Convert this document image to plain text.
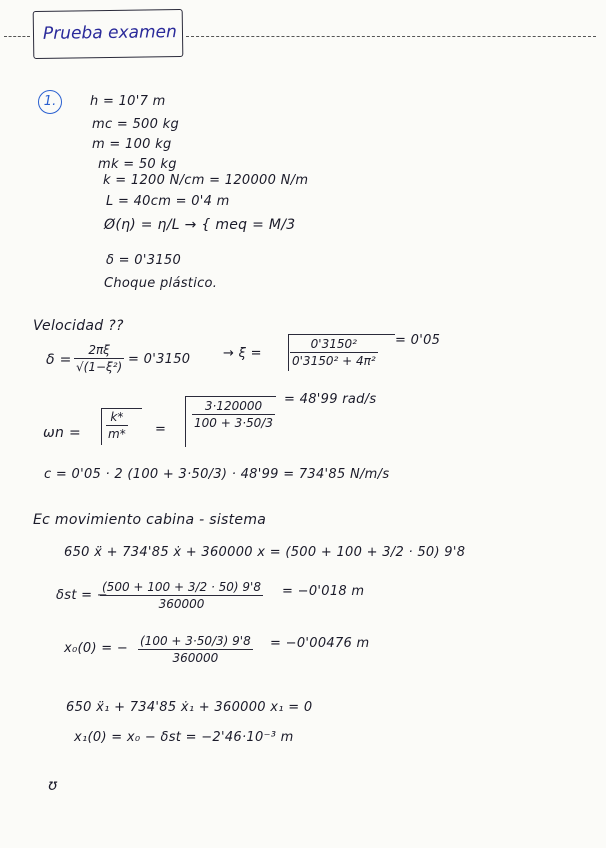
Prueba examen
1.	h = 10'7 m
mc = 500 kg
m = 100 kg
mk = 50 kg
k = 1200 N/cm = 120000 N/m
L = 40cm = 0'4 m
Ø(η) = η/L → { meq = M/3
δ = 0'3150
Choque plástico.
Velocidad ??
$\delta = \frac{2\pi\xi}{\text{√(1−ξ²)}} = 0'3150$	→ $\xi = \frac{\text{0'3150²}}{\text{0'3150² + 4π²}} = 0'05$
$\omega n = \frac{k*}{m*} = \frac{3\cdot 120000}{100 + 3\cdot 50/3} = 48'99$ rad/s
c = 0'05 · 2 (100 + 3·50/3) · 48'99 = 734'85 N/m/s
Ec movimiento cabina - sistema
650 ẍ + 734'85 ẋ + 360000 x = (500 + 100 + 3/2 · 50) 9'8
δst = −
$\frac{(500 + 100 + 3/2 \cdot 50) 9'8}{360000} = -0'018$ m
x₀(0) = − $\frac{(100 + 3\cdot 50/3) 9'8}{360000} = -0'00476$ m
650 ẍ₁ + 734'85 ẋ₁ + 360000 x₁ = 0
x₁(0) = x₀ − δst = −2'46·10⁻³ m
ʊ
